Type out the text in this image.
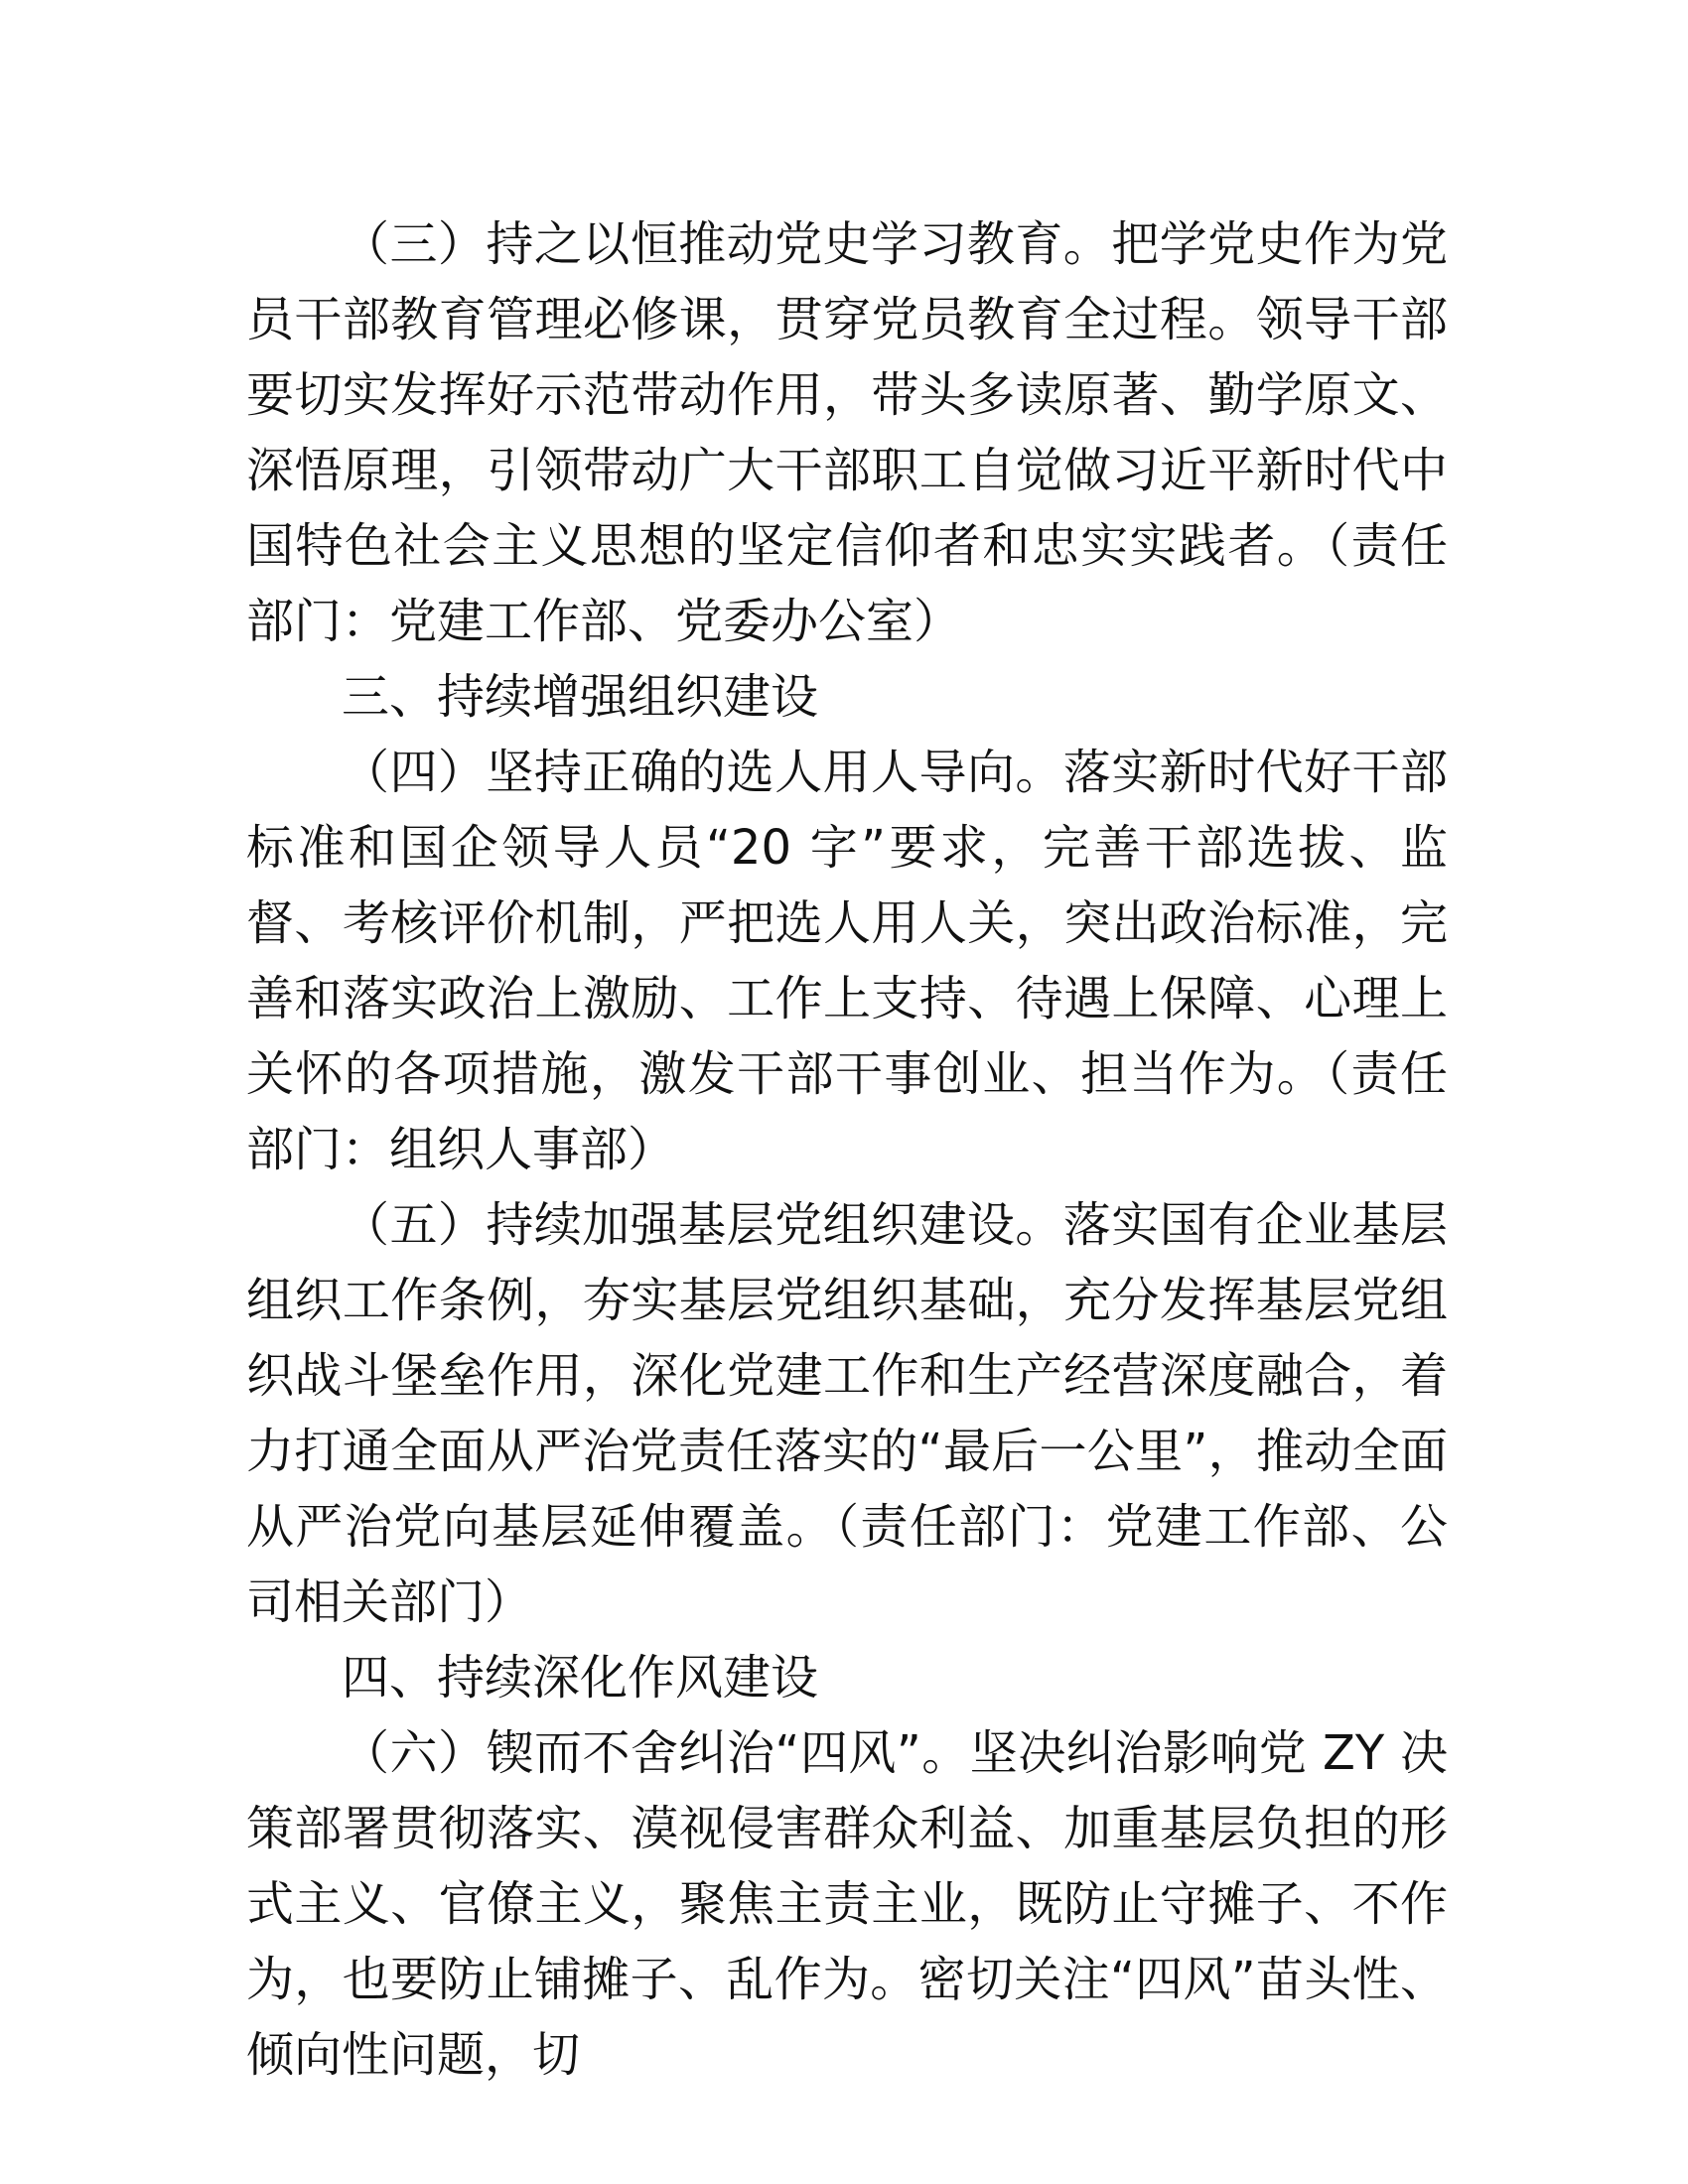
（三）持之以恒推动党史学习教育。把学党史作为党员干部教育管理必修课，贯穿党员教育全过程。领导干部要切实发挥好示范带动作用，带头多读原著、勤学原文、深悟原理，引领带动广大干部职工自觉做习近平新时代中国特色社会主义思想的坚定信仰者和忠实实践者。（责任部门：党建工作部、党委办公室）

三、持续增强组织建设

（四）坚持正确的选人用人导向。落实新时代好干部标准和国企领导人员“20 字”要求，完善干部选拔、监督、考核评价机制，严把选人用人关，突出政治标准，完善和落实政治上激励、工作上支持、待遇上保障、心理上关怀的各项措施，激发干部干事创业、担当作为。（责任部门：组织人事部）

（五）持续加强基层党组织建设。落实国有企业基层组织工作条例，夯实基层党组织基础，充分发挥基层党组织战斗堡垒作用，深化党建工作和生产经营深度融合，着力打通全面从严治党责任落实的“最后一公里”，推动全面从严治党向基层延伸覆盖。（责任部门：党建工作部、公司相关部门）

四、持续深化作风建设

（六）锲而不舍纠治“四风”。坚决纠治影响党 ZY 决策部署贯彻落实、漠视侵害群众利益、加重基层负担的形式主义、官僚主义，聚焦主责主业，既防止守摊子、不作为，也要防止铺摊子、乱作为。密切关注“四风”苗头性、倾向性问题，切
